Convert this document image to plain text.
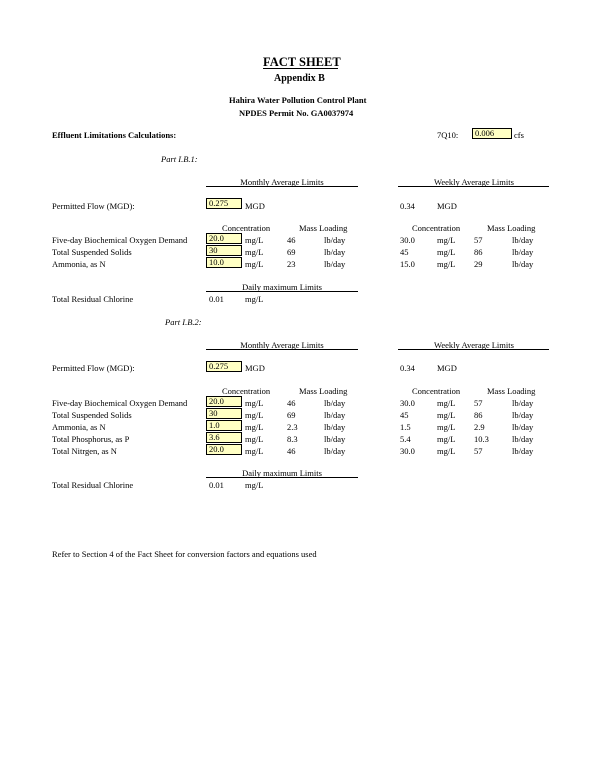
FACT SHEET
Appendix B
Hahira Water Pollution Control Plant
NPDES Permit No. GA0037974
Effluent Limitations Calculations:	7Q10:	0.006	cfs
Part I.B.1:
Monthly Average Limits	Weekly Average Limits
Permitted Flow (MGD):	0.275	MGD	0.34	MGD
Concentration	Mass Loading	Concentration	Mass Loading
Five-day Biochemical Oxygen Demand	20.0	mg/L	46	lb/day	30.0	mg/L 57	lb/day
Total Suspended Solids	30	mg/L	69	lb/day	45	mg/L 86	lb/day
Ammonia, as N	10.0	mg/L	23	lb/day	15.0	mg/L 29	lb/day
Daily maximum Limits
Total Residual Chlorine	0.01 mg/L
Part I.B.2:
Monthly Average Limits	Weekly Average Limits
Permitted Flow (MGD):	0.275	MGD	0.34	MGD
Concentration	Mass Loading	Concentration	Mass Loading
Five-day Biochemical Oxygen Demand	20.0	mg/L	46	lb/day	30.0	mg/L 57	lb/day
Total Suspended Solids	30	mg/L	69	lb/day	45	mg/L 86	lb/day
Ammonia, as N	1.0	mg/L	2.3	lb/day	1.5	mg/L 2.9	lb/day
Total Phosphorus, as P	3.6	mg/L	8.3	lb/day	5.4	mg/L 10.3	lb/day
Total Nitrgen, as N	20.0	mg/L	46	lb/day	30.0	mg/L 57	lb/day
Daily maximum Limits
Total Residual Chlorine	0.01 mg/L
Refer to Section 4 of the Fact Sheet for conversion factors and equations used
